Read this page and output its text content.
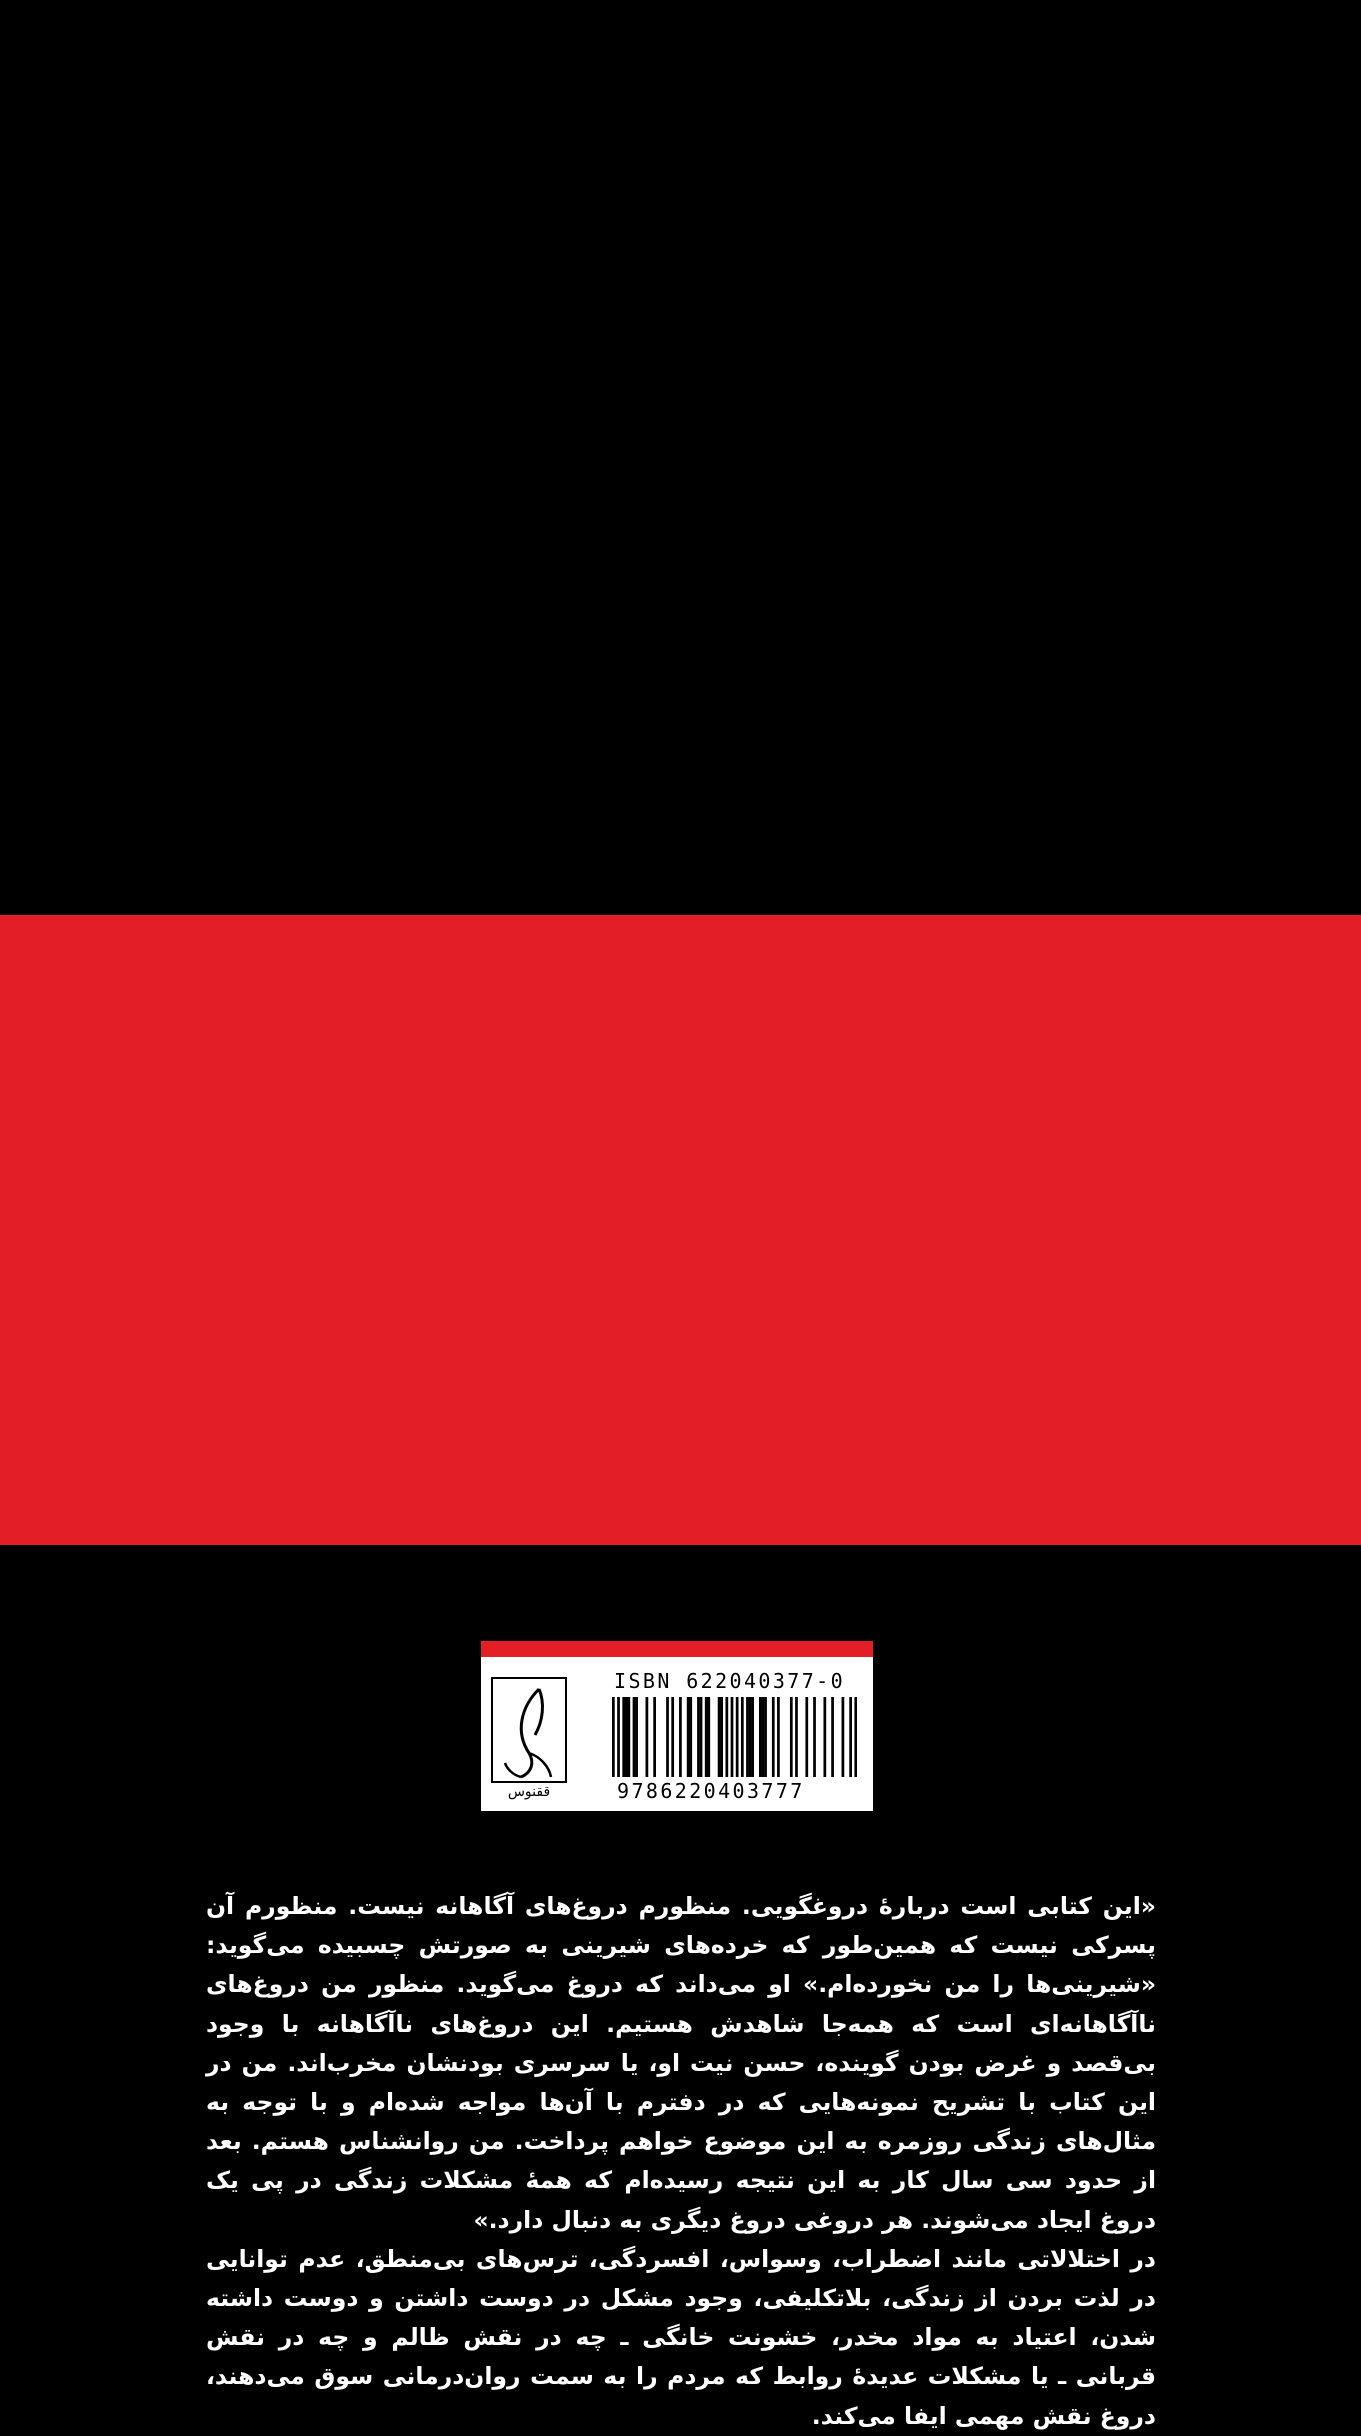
«این کتابی است دربارهٔ دروغگویی. منظورم دروغ‌های آگاهانه نیست. منظورم آن پسرکی نیست که همین‌طور که خرده‌های شیرینی به صورتش چسبیده می‌گوید: «شیرینی‌ها را من نخورده‌ام.» او می‌داند که دروغ می‌گوید. منظور من دروغ‌های ناآگاهانه‌ای است که همه‌جا شاهدش هستیم. این دروغ‌های ناآگاهانه با وجود بی‌قصد و غرض بودن گوینده، حسن نیت او، یا سرسری بودنشان مخرب‌اند. من در این کتاب با تشریح نمونه‌هایی که در دفترم با آن‌ها مواجه شده‌ام و با توجه به مثال‌های زندگی روزمره به این موضوع خواهم پرداخت. من روانشناس هستم. بعد از حدود سی سال کار به این نتیجه رسیده‌ام که همهٔ مشکلات زندگی در پی یک دروغ ایجاد می‌شوند. هر دروغی دروغ دیگری به دنبال دارد.»

در اختلالاتی مانند اضطراب، وسواس، افسردگی، ترس‌های بی‌منطق، عدم توانایی در لذت بردن از زندگی، بلاتکلیفی، وجود مشکل در دوست داشتن و دوست داشته شدن، اعتیاد به مواد مخدر، خشونت خانگی ـ چه در نقش ظالم و چه در نقش قربانی ـ یا مشکلات عدیدهٔ روابط که مردم را به سمت روان‌درمانی سوق می‌دهند، دروغ نقش مهمی ایفا می‌کند.

ققنوس
ISBN 622040377-0
9786220403777
